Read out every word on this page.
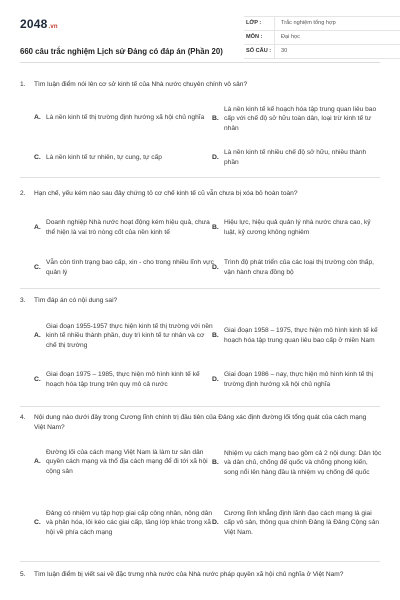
2048.vn
660 câu trắc nghiệm Lịch sử Đảng có đáp án (Phần 20)
LỚP :	Trắc nghiệm tổng hợp
MÔN :	Đại học
SỐ CÂU :	30
1.	Tìm luận điểm nói lên cơ sở kinh tế của Nhà nước chuyên chính vô sản?
A. Là nền kinh tế thị trường định hướng xã hội chủ nghĩa	B.
Là nền kinh tế kế hoạch hóa tập trung quan liêu bao cấp với chế độ sở hữu toàn dân, loại trừ kinh tế tư nhân
C. Là nền kinh tế tư nhiên, tự cung, tự cấp	D.
Là nền kinh tế nhiều chế độ sở hữu, nhiều thành phần
2.	Hạn chế, yếu kém nào sau đây chứng tỏ cơ chế kinh tế cũ vẫn chưa bị xóa bỏ hoàn toàn?
A.
Doanh nghiệp Nhà nước hoạt động kém hiệu quả, chưa thể hiện là vai trò nòng cốt của nền kinh tế
B.
Hiệu lực, hiệu quả quản lý nhà nước chưa cao, kỷ luật, kỷ cương không nghiêm
C.
Vẫn còn tình trạng bao cấp, xin - cho trong nhiều lĩnh vực quản lý
D.
Trình độ phát triển của các loại thị trường còn thấp, vận hành chưa đồng bộ
3.	Tìm đáp án có nội dung sai?
A.
Giai đoạn 1955-1957 thực hiện kinh tế thị trường với nền kinh tế nhiều thành phần, duy trì kinh tế tư nhân và cơ chế thị trường
B.
Giai đoạn 1958 – 1975, thực hiện mô hình kinh tế kế hoạch hóa tập trung quan liêu bao cấp ở miền Nam
C.
Giai đoạn 1975 – 1985, thực hiện mô hình kinh tế kế hoạch hóa tập trung trên quy mô cả nước
D.
Giai đoạn 1986 – nay, thực hiện mô hình kinh tế thị trường định hướng xã hội chủ nghĩa
4.	Nội dung nào dưới đây trong Cương lĩnh chính trị đầu tiên của Đảng xác định đường lối tổng quát của cách mạng Việt Nam?
A.
Đường lối của cách mạng Việt Nam là làm tư sản dân quyền cách mạng và thổ địa cách mạng để đi tới xã hội cộng sản
B.
Nhiệm vụ cách mạng bao gồm cả 2 nội dung: Dân tộc và dân chủ, chống đế quốc và chống phong kiến, song nổi lên hàng đầu là nhiệm vụ chống đế quốc
C.
Đảng có nhiệm vụ tập hợp giai cấp công nhân, nông dân và phân hóa, lôi kéo các giai cấp, tầng lớp khác trong xã hội về phía cách mạng
D.
Cương lĩnh khẳng định lãnh đạo cách mạng là giai cấp vô sản, thông qua chính Đảng là Đảng Cộng sản Việt Nam.
5.	Tìm luận điểm bị viết sai về đặc trưng nhà nước của Nhà nước pháp quyền xã hội chủ nghĩa ở Việt Nam?
